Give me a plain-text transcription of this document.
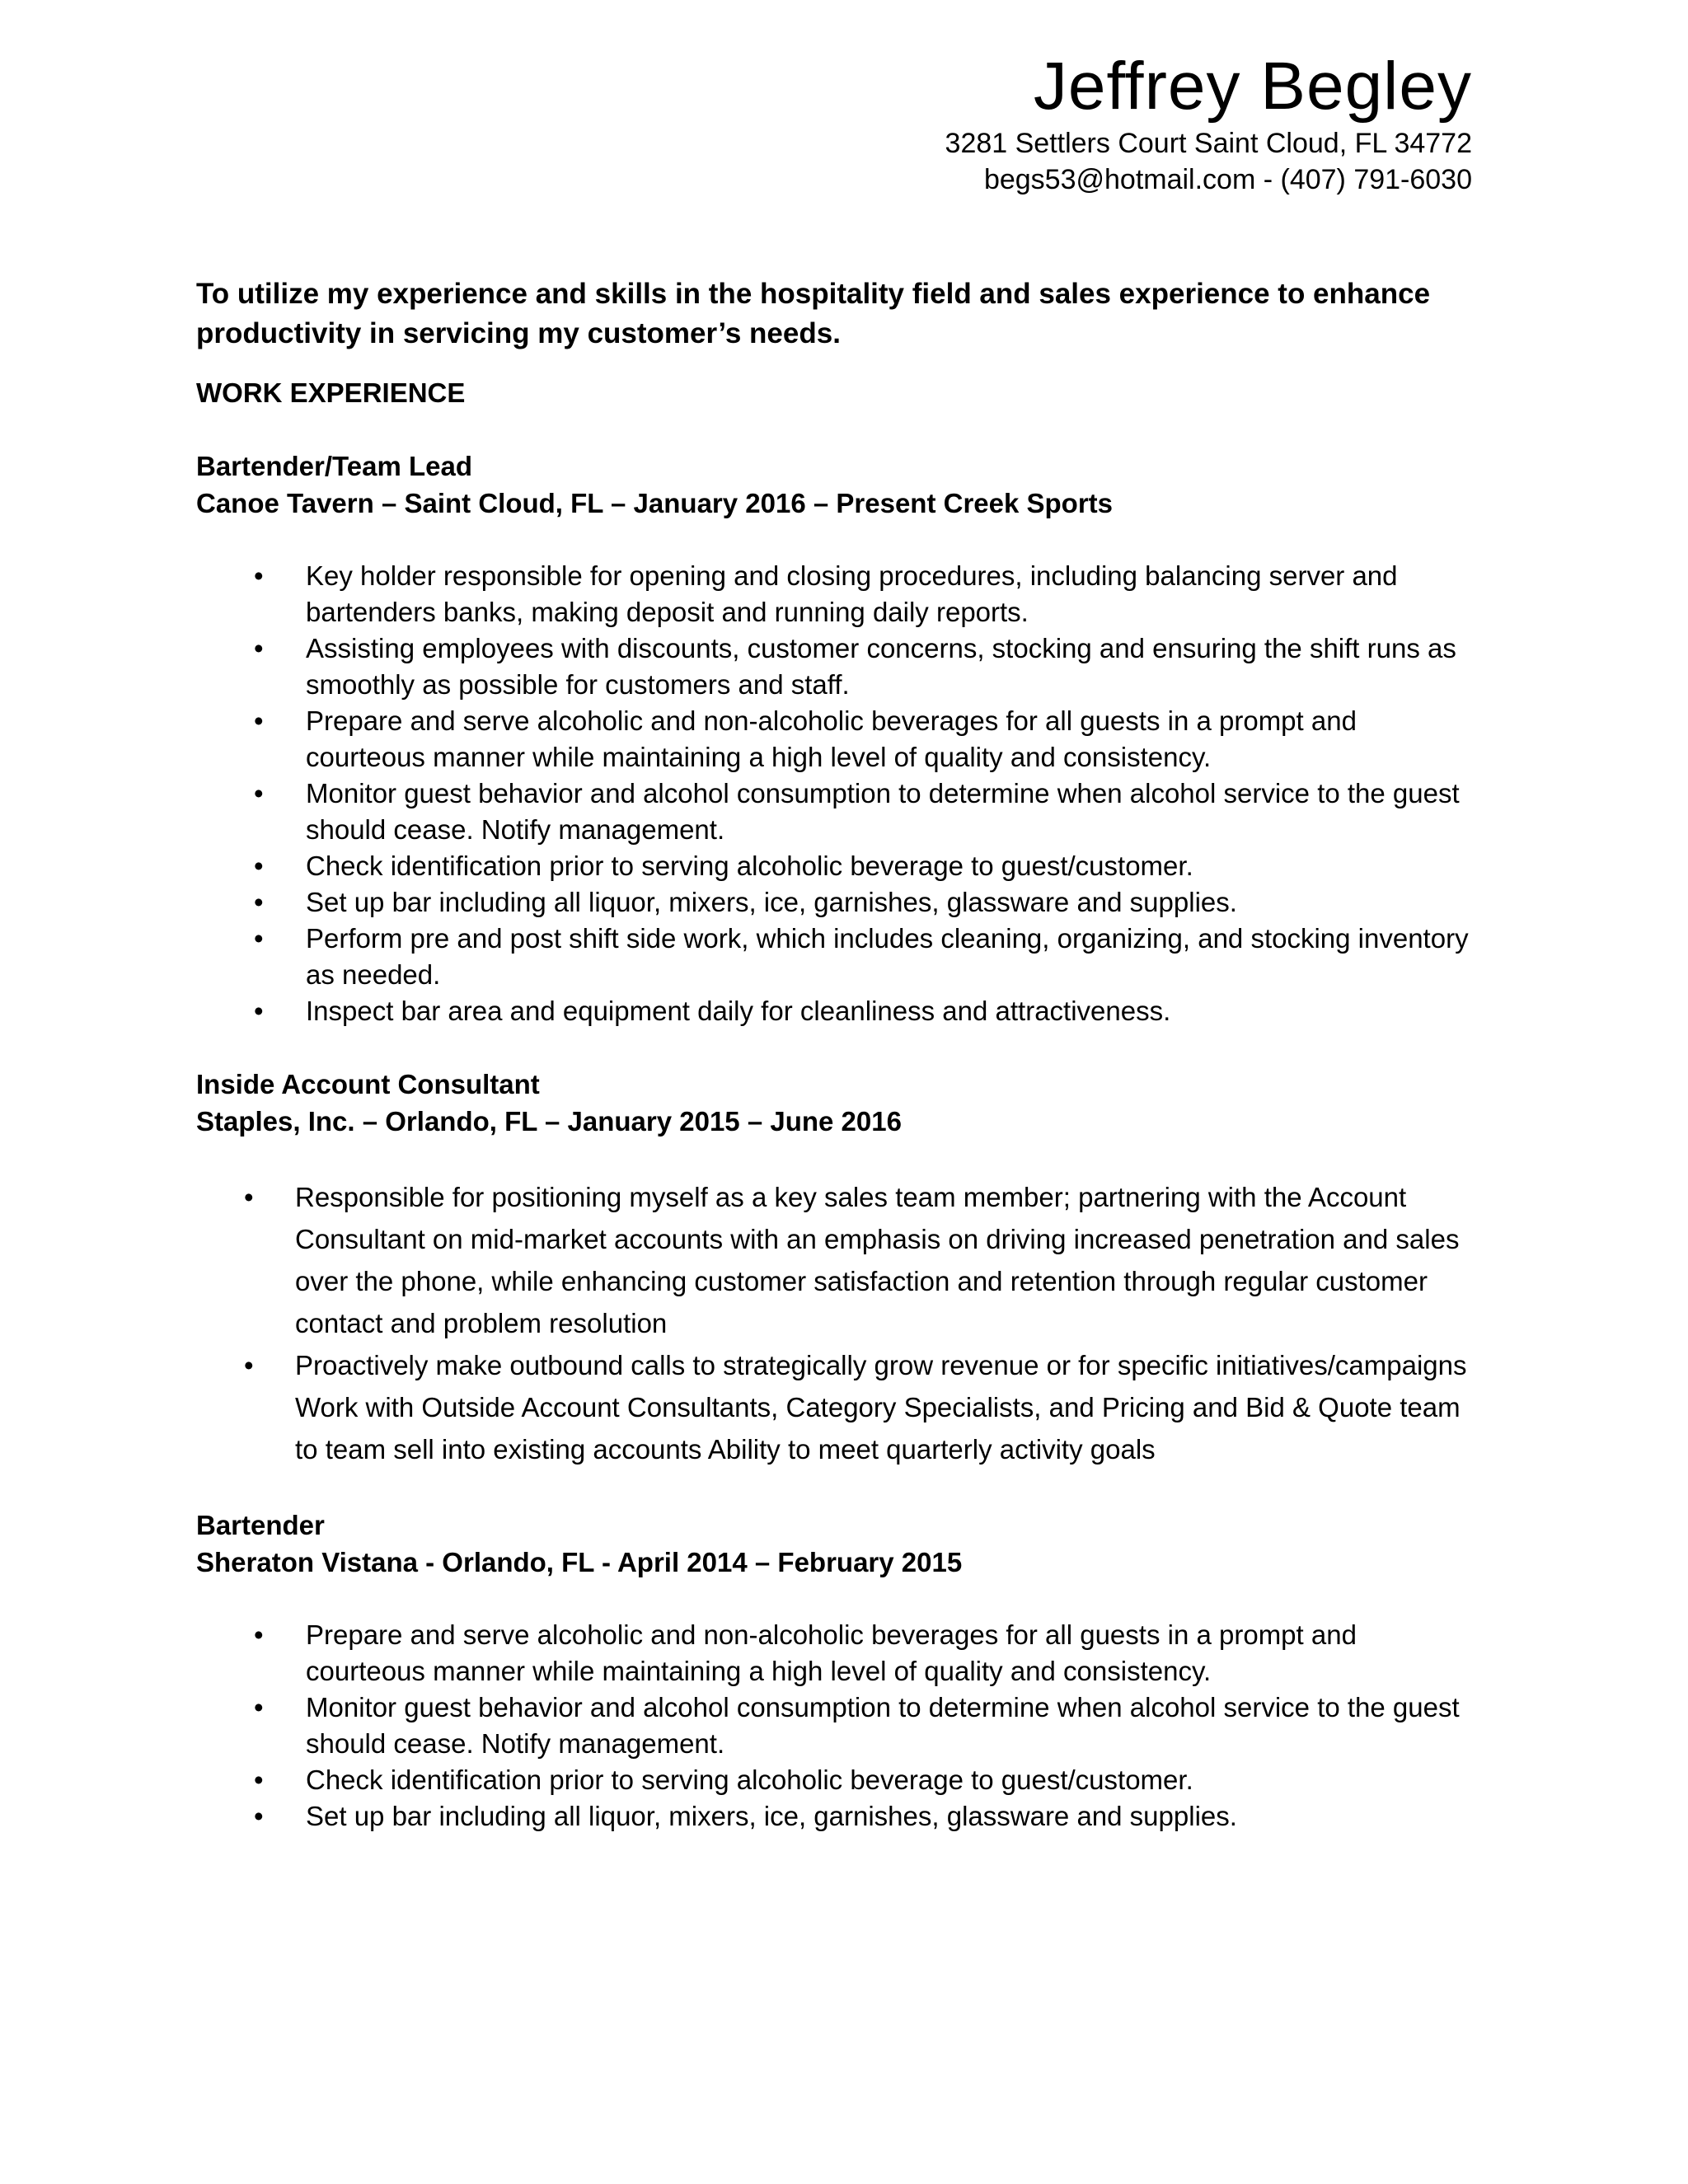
Jeffrey Begley
3281 Settlers Court Saint Cloud, FL 34772
begs53@hotmail.com - (407) 791-6030

To utilize my experience and skills in the hospitality field and sales experience to enhance productivity in servicing my customer’s needs.

WORK EXPERIENCE

Bartender/Team Lead

Canoe Tavern – Saint Cloud, FL – January 2016 – Present Creek Sports

• Key holder responsible for opening and closing procedures, including balancing server and bartenders banks, making deposit and running daily reports.
• Assisting employees with discounts, customer concerns, stocking and ensuring the shift runs as smoothly as possible for customers and staff.
• Prepare and serve alcoholic and non-alcoholic beverages for all guests in a prompt and courteous manner while maintaining a high level of quality and consistency.
• Monitor guest behavior and alcohol consumption to determine when alcohol service to the guest should cease. Notify management.
• Check identification prior to serving alcoholic beverage to guest/customer.
• Set up bar including all liquor, mixers, ice, garnishes, glassware and supplies.
• Perform pre and post shift side work, which includes cleaning, organizing, and stocking inventory as needed.
• Inspect bar area and equipment daily for cleanliness and attractiveness.

Inside Account Consultant

Staples, Inc. – Orlando, FL – January 2015 – June 2016

• Responsible for positioning myself as a key sales team member; partnering with the Account Consultant on mid-market accounts with an emphasis on driving increased penetration and sales over the phone, while enhancing customer satisfaction and retention through regular customer contact and problem resolution
• Proactively make outbound calls to strategically grow revenue or for specific initiatives/campaigns Work with Outside Account Consultants, Category Specialists, and Pricing and Bid & Quote team to team sell into existing accounts Ability to meet quarterly activity goals

Bartender

Sheraton Vistana - Orlando, FL - April 2014 – February 2015

• Prepare and serve alcoholic and non-alcoholic beverages for all guests in a prompt and courteous manner while maintaining a high level of quality and consistency.
• Monitor guest behavior and alcohol consumption to determine when alcohol service to the guest should cease. Notify management.
• Check identification prior to serving alcoholic beverage to guest/customer.
• Set up bar including all liquor, mixers, ice, garnishes, glassware and supplies.
